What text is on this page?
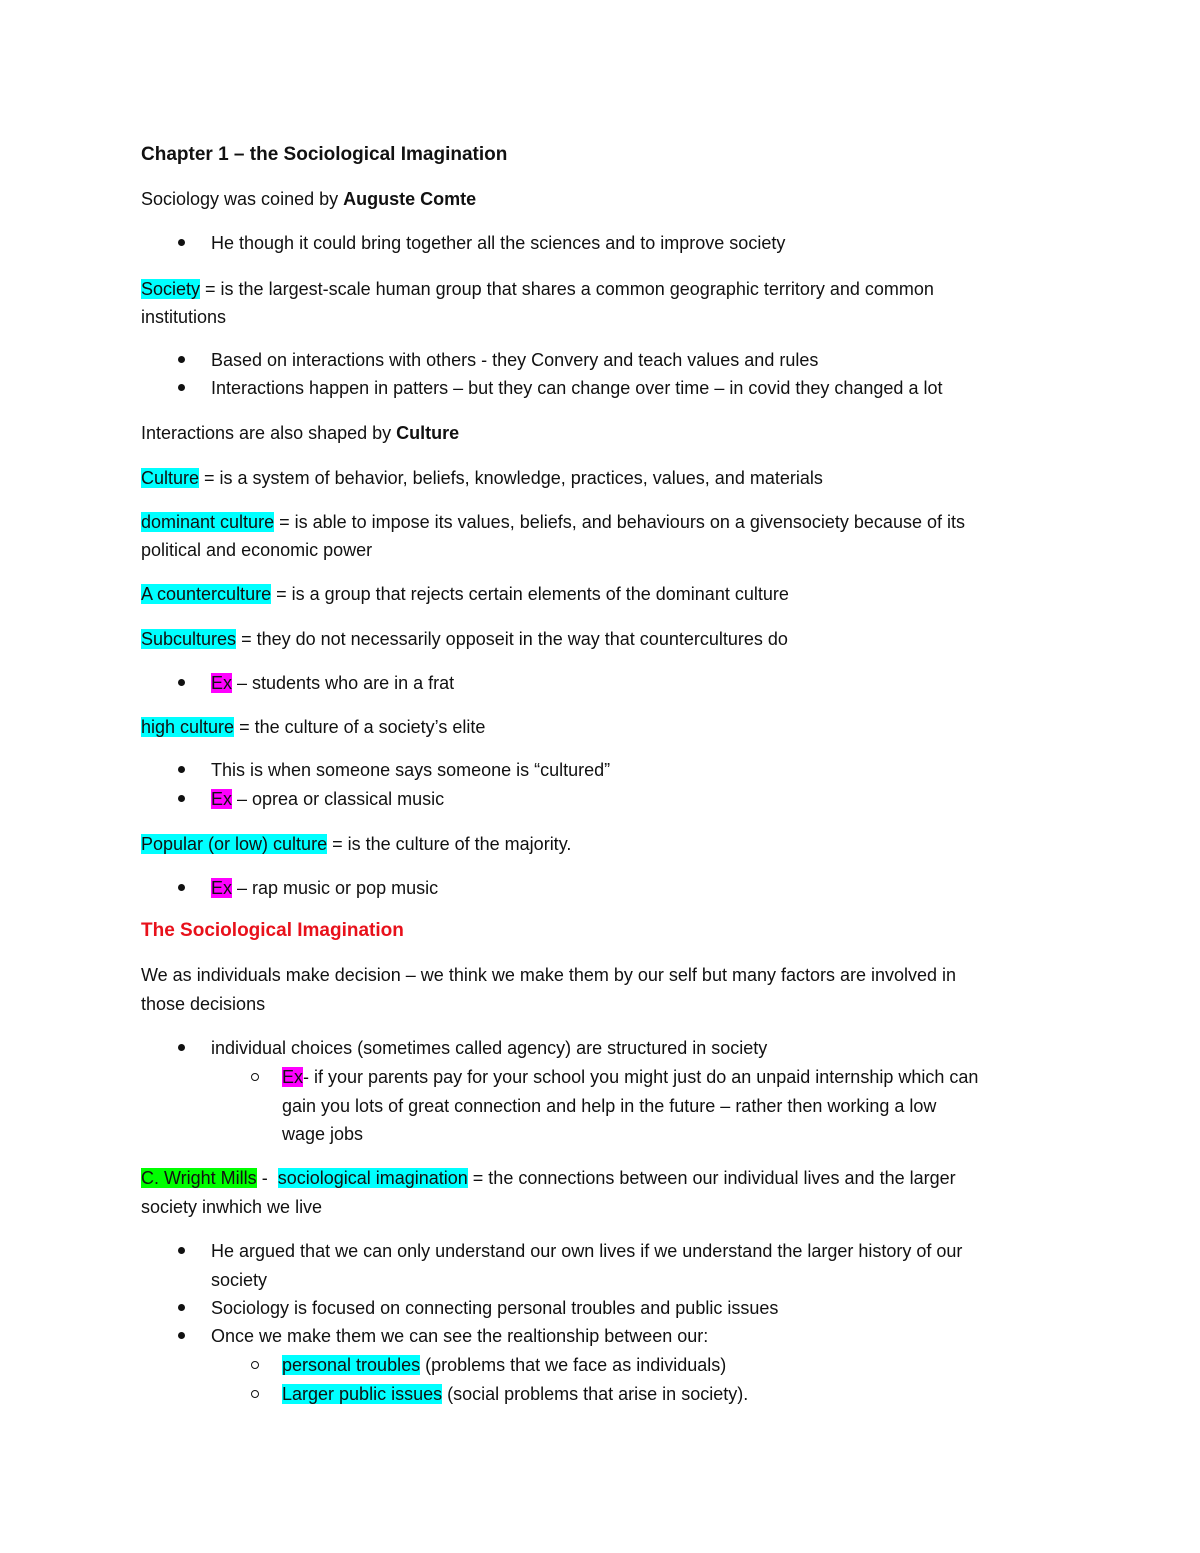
Chapter 1 – the Sociological Imagination
Sociology was coined by Auguste Comte
He though it could bring together all the sciences and to improve society
Society = is the largest-scale human group that shares a common geographic territory and common
institutions
Based on interactions with others - they Convery and teach values and rules
Interactions happen in patters – but they can change over time – in covid they changed a lot
Interactions are also shaped by Culture
Culture = is a system of behavior, beliefs, knowledge, practices, values, and materials
dominant culture = is able to impose its values, beliefs, and behaviours on a givensociety because of its
political and economic power
A counterculture = is a group that rejects certain elements of the dominant culture
Subcultures = they do not necessarily opposeit in the way that countercultures do
Ex – students who are in a frat
high culture = the culture of a society’s elite
This is when someone says someone is “cultured”
Ex – oprea or classical music
Popular (or low) culture = is the culture of the majority.
Ex – rap music or pop music
The Sociological Imagination
We as individuals make decision – we think we make them by our self but many factors are involved in
those decisions
individual choices (sometimes called agency) are structured in society
Ex- if your parents pay for your school you might just do an unpaid internship which can
gain you lots of great connection and help in the future – rather then working a low
wage jobs
C. Wright Mills -  sociological imagination = the connections between our individual lives and the larger
society inwhich we live
He argued that we can only understand our own lives if we understand the larger history of our
society
Sociology is focused on connecting personal troubles and public issues
Once we make them we can see the realtionship between our:
personal troubles (problems that we face as individuals)
Larger public issues (social problems that arise in society).
